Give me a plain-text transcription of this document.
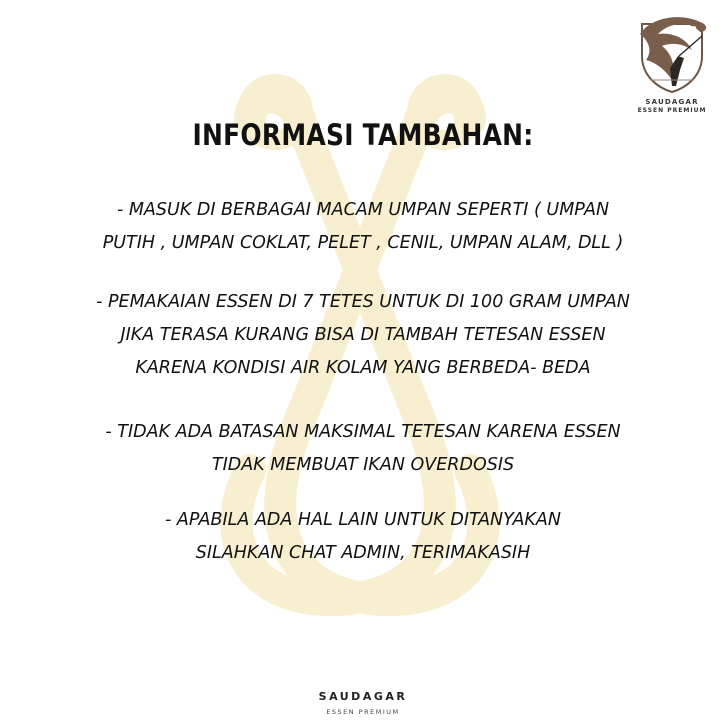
SAUDAGAR
ESSEN PREMIUM
INFORMASI TAMBAHAN:
- MASUK DI BERBAGAI MACAM UMPAN SEPERTI ( UMPAN
PUTIH , UMPAN COKLAT, PELET , CENIL, UMPAN ALAM, DLL )
- PEMAKAIAN ESSEN DI 7 TETES UNTUK DI 100 GRAM UMPAN
JIKA TERASA KURANG BISA DI TAMBAH TETESAN ESSEN
KARENA KONDISI AIR KOLAM YANG BERBEDA- BEDA
- TIDAK ADA BATASAN MAKSIMAL TETESAN KARENA ESSEN
TIDAK MEMBUAT IKAN OVERDOSIS
- APABILA ADA HAL LAIN UNTUK DITANYAKAN
SILAHKAN CHAT ADMIN, TERIMAKASIH
SAUDAGAR
ESSEN PREMIUM
